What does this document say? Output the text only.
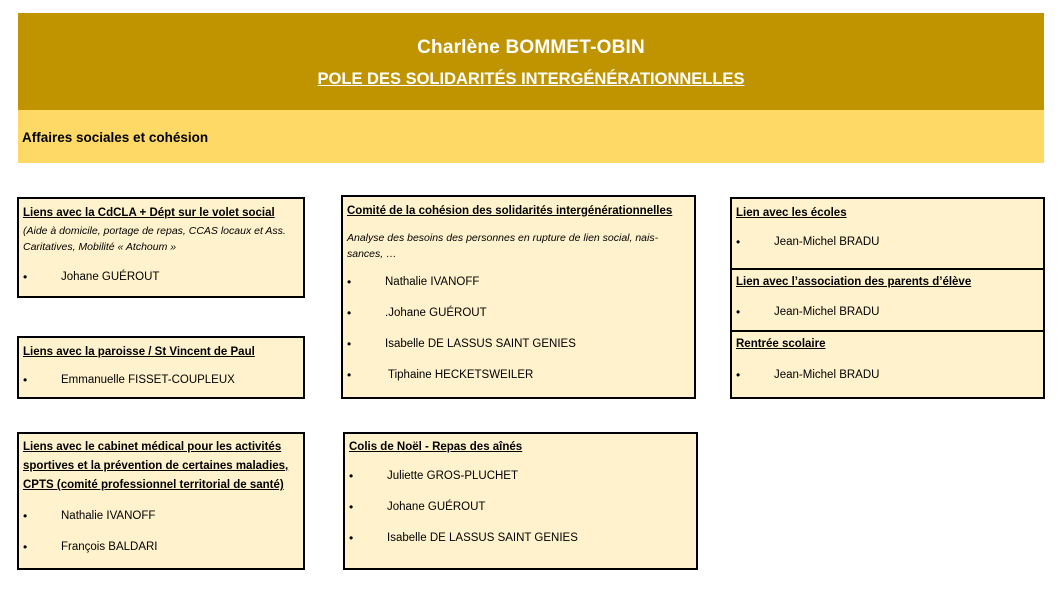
Charlène BOMMET-OBIN
POLE DES SOLIDARITÉS INTERGÉNÉRATIONNELLES
Affaires sociales et cohésion
Liens avec la CdCLA + Dépt sur le volet social
(Aide à domicile, portage de repas, CCAS locaux et Ass. Caritatives, Mobilité « Atchoum »
•	Johane GUÉROUT
Liens avec la paroisse / St Vincent de Paul
•	Emmanuelle FISSET-COUPLEUX
Liens avec le cabinet médical pour les activités sportives et la prévention de certaines maladies, CPTS (comité professionnel territorial de santé)
•	Nathalie IVANOFF
•	François BALDARI
Comité de la cohésion des solidarités intergénérationnelles
Analyse des besoins des personnes en rupture de lien social, nais-sances, …
•	Nathalie IVANOFF
•	.Johane GUÉROUT
•	Isabelle DE LASSUS SAINT GENIES
•	Tiphaine HECKETSWEILER
Colis de Noël - Repas des aînés
•	Juliette GROS-PLUCHET
•	Johane GUÉROUT
•	Isabelle DE LASSUS SAINT GENIES
Lien avec les écoles
•	Jean-Michel BRADU
Lien avec l’association des parents d’élève
•	Jean-Michel BRADU
Rentrée scolaire
•	Jean-Michel BRADU
